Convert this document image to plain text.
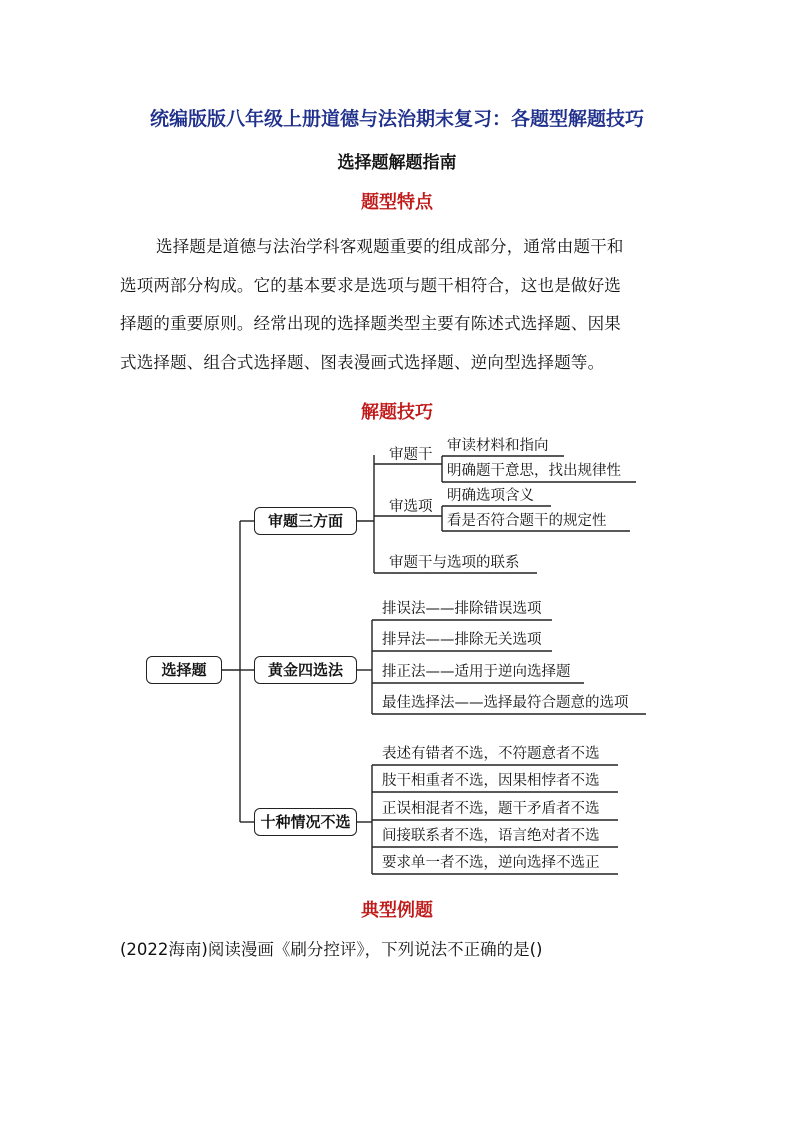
统编版版八年级上册道德与法治期末复习：各题型解题技巧
选择题解题指南
题型特点
选择题是道德与法治学科客观题重要的组成部分，通常由题干和
选项两部分构成。它的基本要求是选项与题干相符合，这也是做好选
择题的重要原则。经常出现的选择题类型主要有陈述式选择题、因果
式选择题、组合式选择题、图表漫画式选择题、逆向型选择题等。
解题技巧
选择题
审题三方面
黄金四选法
十种情况不选
审题干
审读材料和指向
明确题干意思，找出规律性
审选项
明确选项含义
看是否符合题干的规定性
审题干与选项的联系
排误法——排除错误选项
排异法——排除无关选项
排正法——适用于逆向选择题
最佳选择法——选择最符合题意的选项
表述有错者不选，不符题意者不选
肢干相重者不选，因果相悖者不选
正误相混者不选，题干矛盾者不选
间接联系者不选，语言绝对者不选
要求单一者不选，逆向选择不选正
典型例题
(2022海南)阅读漫画《刷分控评》，下列说法不正确的是()
